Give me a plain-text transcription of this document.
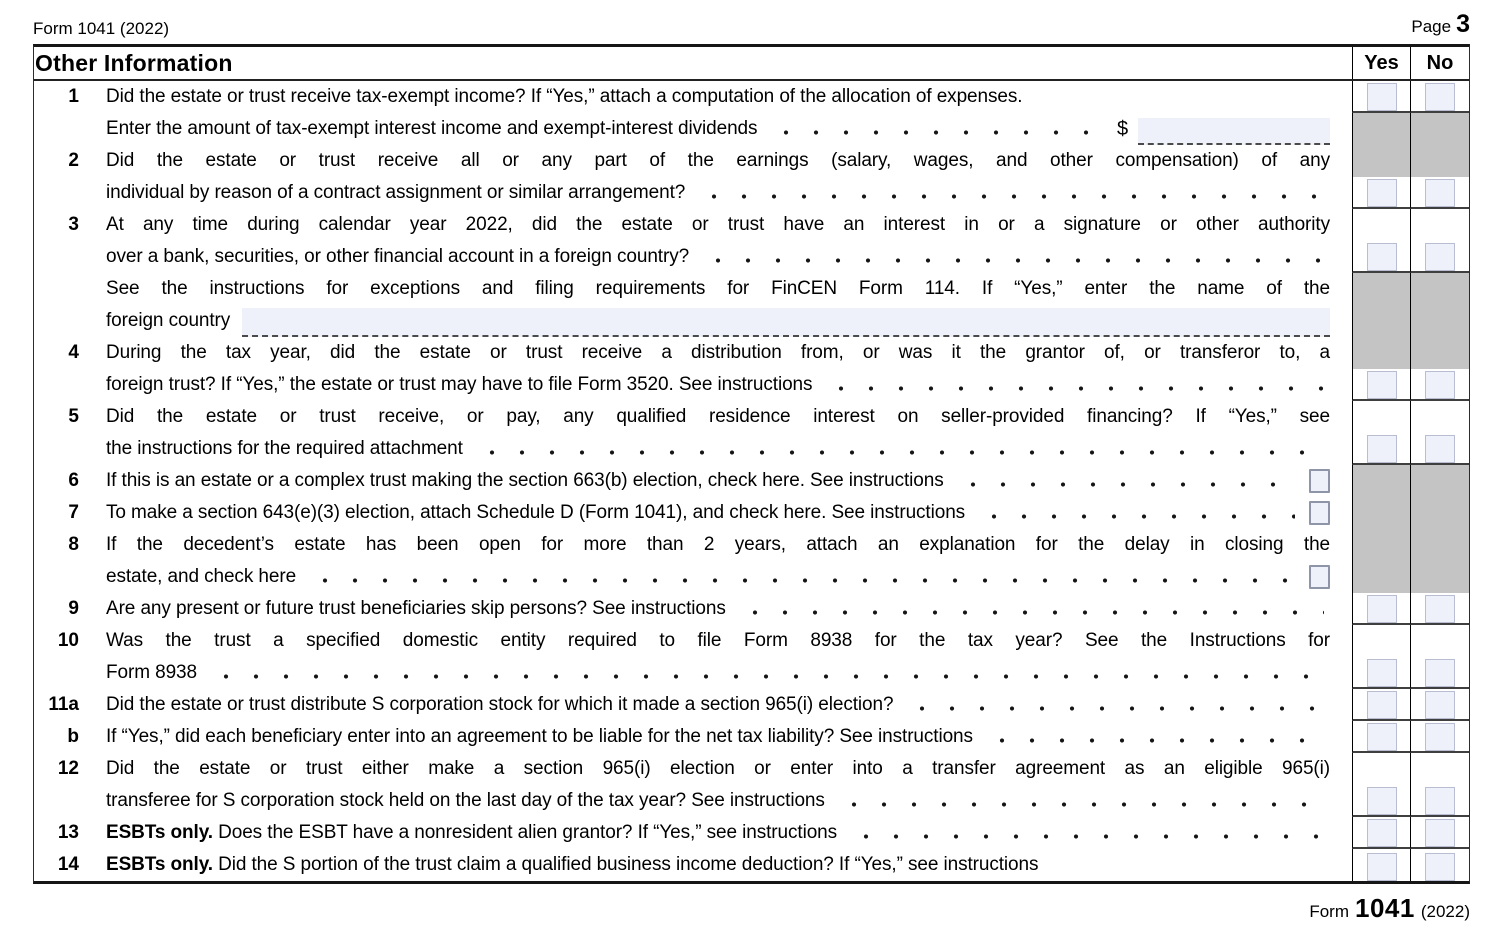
Form 1041 (2022)	Page 3
Other Information	Yes	No
1	Did the estate or trust receive tax-exempt income? If “Yes,” attach a computation of the allocation of expenses.
Enter the amount of tax-exempt interest income and exempt-interest dividends	$
2	Did the estate or trust receive all or any part of the earnings (salary, wages, and other compensation) of any
individual by reason of a contract assignment or similar arrangement?
3	At any time during calendar year 2022, did the estate or trust have an interest in or a signature or other authority
over a bank, securities, or other financial account in a foreign country?
See the instructions for exceptions and filing requirements for FinCEN Form 114. If “Yes,” enter the name of the
foreign country
4	During the tax year, did the estate or trust receive a distribution from, or was it the grantor of, or transferor to, a
foreign trust? If “Yes,” the estate or trust may have to file Form 3520. See instructions
5	Did the estate or trust receive, or pay, any qualified residence interest on seller-provided financing? If “Yes,” see
the instructions for the required attachment
6 If this is an estate or a complex trust making the section 663(b) election, check here. See instructions
7 To make a section 643(e)(3) election, attach Schedule D (Form 1041), and check here. See instructions
8	If the decedent’s estate has been open for more than 2 years, attach an explanation for the delay in closing the
estate, and check here
9 Are any present or future trust beneficiaries skip persons? See instructions
10	Was the trust a specified domestic entity required to file Form 8938 for the tax year? See the Instructions for
Form 8938
11a Did the estate or trust distribute S corporation stock for which it made a section 965(i) election?
b If “Yes,” did each beneficiary enter into an agreement to be liable for the net tax liability? See instructions
12	Did the estate or trust either make a section 965(i) election or enter into a transfer agreement as an eligible 965(i)
transferee for S corporation stock held on the last day of the tax year? See instructions
13 ESBTs only. Does the ESBT have a nonresident alien grantor? If “Yes,” see instructions
14	ESBTs only. Did the S portion of the trust claim a qualified business income deduction? If “Yes,” see instructions
Form 1041 (2022)
